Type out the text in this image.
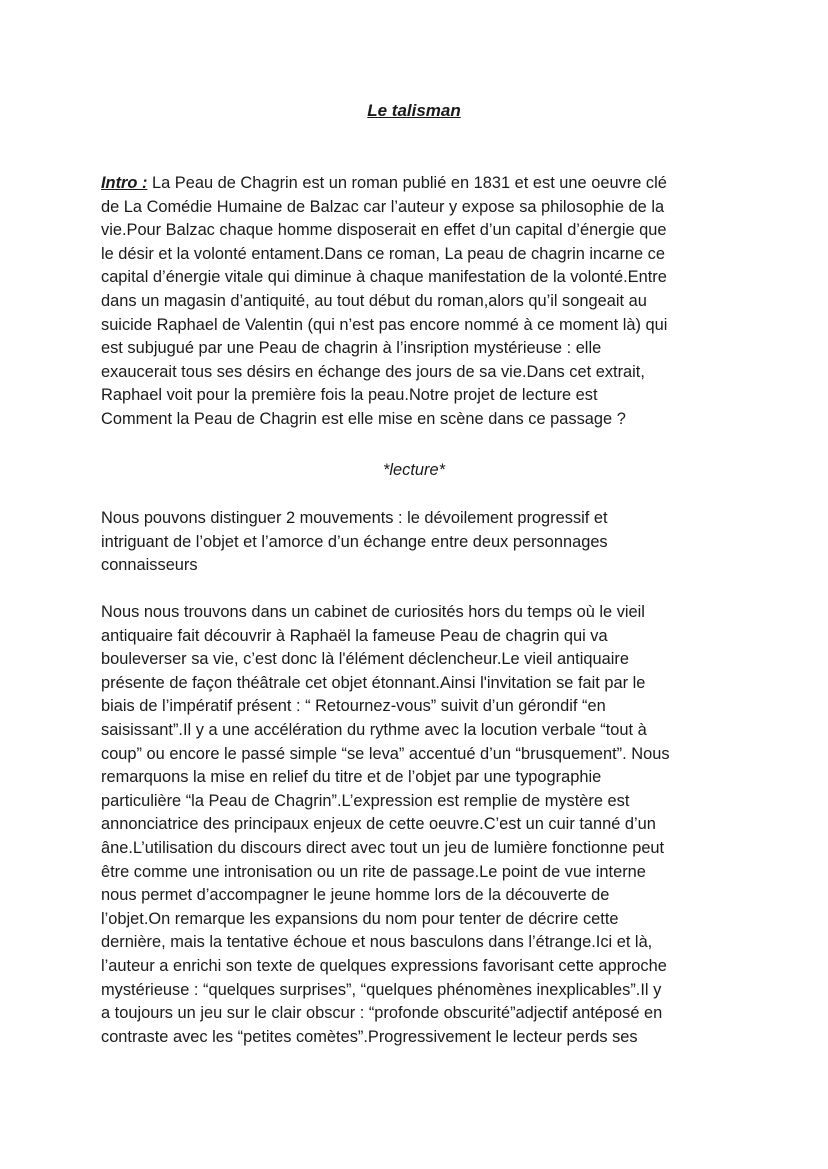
Le talisman

Intro : La Peau de Chagrin est un roman publié en 1831 et est une oeuvre clé
de La Comédie Humaine de Balzac car l’auteur y expose sa philosophie de la
vie.Pour Balzac chaque homme disposerait en effet d’un capital d’énergie que
le désir et la volonté entament.Dans ce roman, La peau de chagrin incarne ce
capital d’énergie vitale qui diminue à chaque manifestation de la volonté.Entre
dans un magasin d’antiquité, au tout début du roman,alors qu’il songeait au
suicide Raphael de Valentin (qui n’est pas encore nommé à ce moment là) qui
est subjugué par une Peau de chagrin à l’insription mystérieuse : elle
exaucerait tous ses désirs en échange des jours de sa vie.Dans cet extrait,
Raphael voit pour la première fois la peau.Notre projet de lecture est
Comment la Peau de Chagrin est elle mise en scène dans ce passage ?

*lecture*

Nous pouvons distinguer 2 mouvements : le dévoilement progressif et
intriguant de l’objet et l’amorce d’un échange entre deux personnages
connaisseurs

Nous nous trouvons dans un cabinet de curiosités hors du temps où le vieil
antiquaire fait découvrir à Raphaël la fameuse Peau de chagrin qui va
bouleverser sa vie, c’est donc là l'élément déclencheur.Le vieil antiquaire
présente de façon théâtrale cet objet étonnant.Ainsi l'invitation se fait par le
biais de l’impératif présent : “ Retournez-vous” suivit d’un gérondif “en
saisissant”.Il y a une accélération du rythme avec la locution verbale “tout à
coup” ou encore le passé simple “se leva” accentué d’un “brusquement”. Nous
remarquons la mise en relief du titre et de l’objet par une typographie
particulière “la Peau de Chagrin”.L’expression est remplie de mystère est
annonciatrice des principaux enjeux de cette oeuvre.C’est un cuir tanné d’un
âne.L’utilisation du discours direct avec tout un jeu de lumière fonctionne peut
être comme une intronisation ou un rite de passage.Le point de vue interne
nous permet d’accompagner le jeune homme lors de la découverte de
l’objet.On remarque les expansions du nom pour tenter de décrire cette
dernière, mais la tentative échoue et nous basculons dans l’étrange.Ici et là,
l’auteur a enrichi son texte de quelques expressions favorisant cette approche
mystérieuse : “quelques surprises”, “quelques phénomènes inexplicables”.Il y
a toujours un jeu sur le clair obscur : “profonde obscurité”adjectif antéposé en
contraste avec les “petites comètes”.Progressivement le lecteur perds ses
